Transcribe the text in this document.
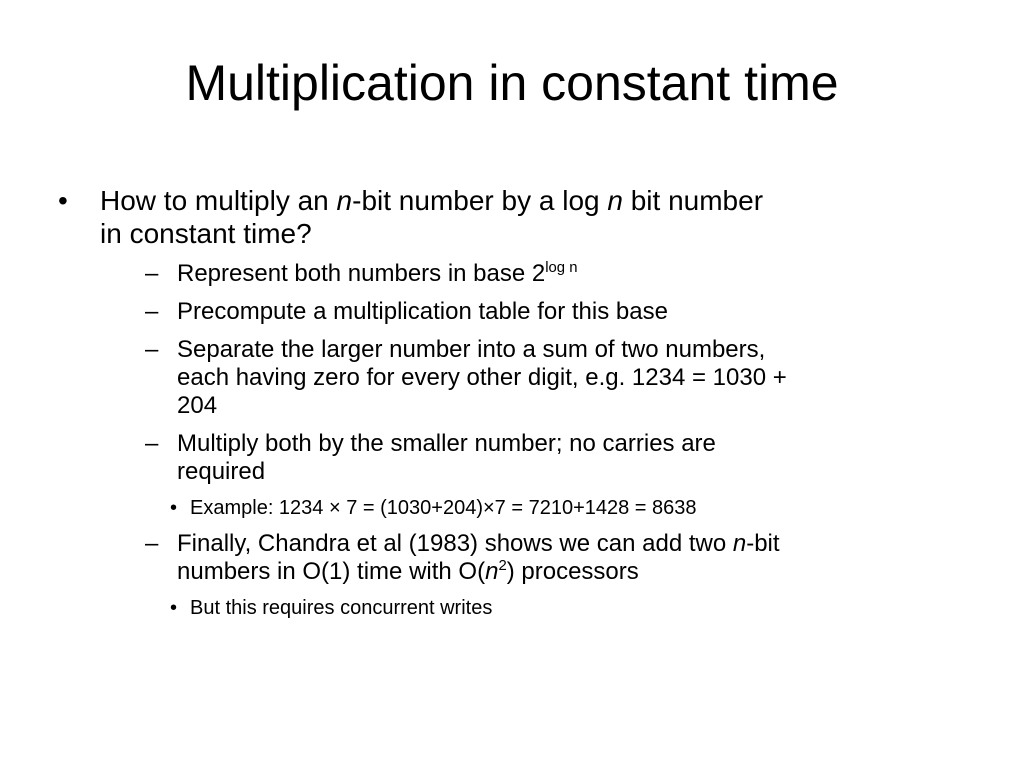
Multiplication in constant time
•	How to multiply an n-bit number by a log n bit number
in constant time?
– Represent both numbers in base $2^{log n}$
– Precompute a multiplication table for this base
– Separate the larger number into a sum of two numbers,
each having zero for every other digit, e.g. 1234 = 1030 +
204
– Multiply both by the smaller number; no carries are
required
• Example: 1234 × 7 = (1030+204)×7 = 7210+1428 = 8638
– Finally, Chandra et al (1983) shows we can add two n-bit
numbers in O(1) time with $O(n^2)$ processors
• But this requires concurrent writes
